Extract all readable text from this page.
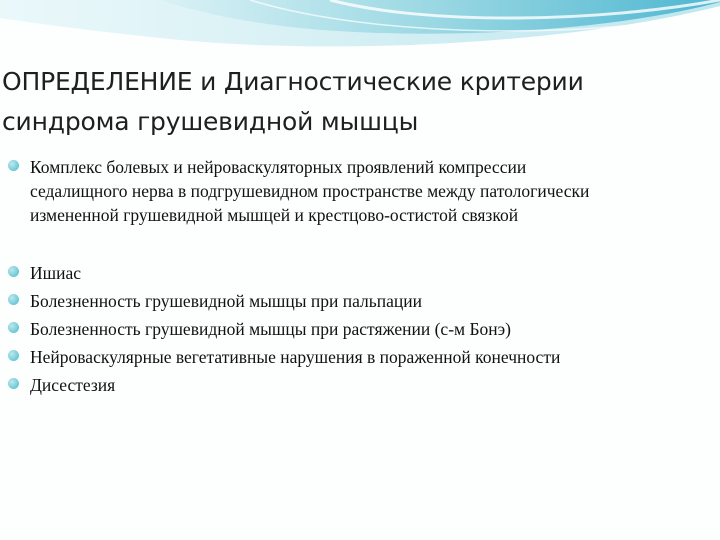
ОПРЕДЕЛЕНИЕ и Диагностические критерии
синдрома грушевидной мышцы
Комплекс болевых и нейроваскуляторных проявлений компрессии седалищного нерва в подгрушевидном пространстве между патологически измененной грушевидной мышцей и крестцово-остистой связкой
Ишиас
Болезненность грушевидной мышцы при пальпации
Болезненность грушевидной мышцы при растяжении (с-м Бонэ)
Нейроваскулярные вегетативные нарушения в пораженной конечности
Дисестезия
